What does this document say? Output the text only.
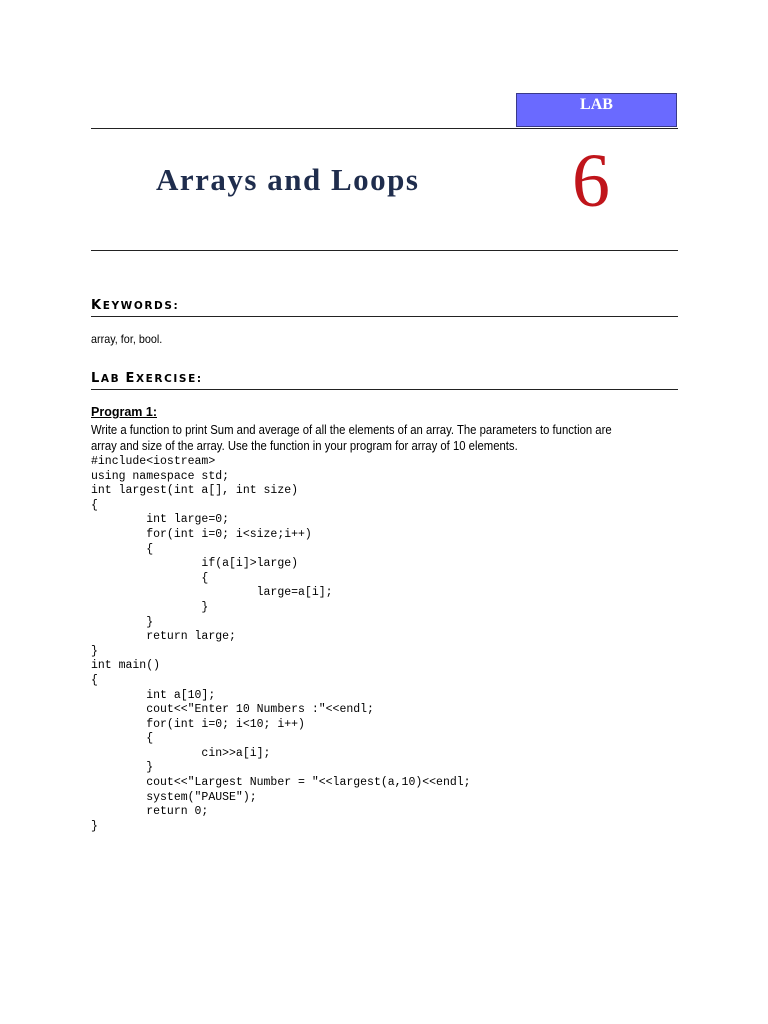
LAB
Arrays and Loops 6
KEYWORDS:
array, for, bool.
LAB EXERCISE:
Program 1:
Write a function to print Sum and average of all the elements of an array. The parameters to function are
array and size of the array. Use the function in your program for array of 10 elements.
#include<iostream>
using namespace std;
int largest(int a[], int size)
{
int large=0;
for(int i=0; i<size;i++)
{
if(a[i]>large)
{
large=a[i];
}
}
return large;
}
int main()
{
int a[10];
cout<<"Enter 10 Numbers :"<<endl;
for(int i=0; i<10; i++)
{
cin>>a[i];
}
cout<<"Largest Number = "<<largest(a,10)<<endl;
system("PAUSE");
return 0;
}
